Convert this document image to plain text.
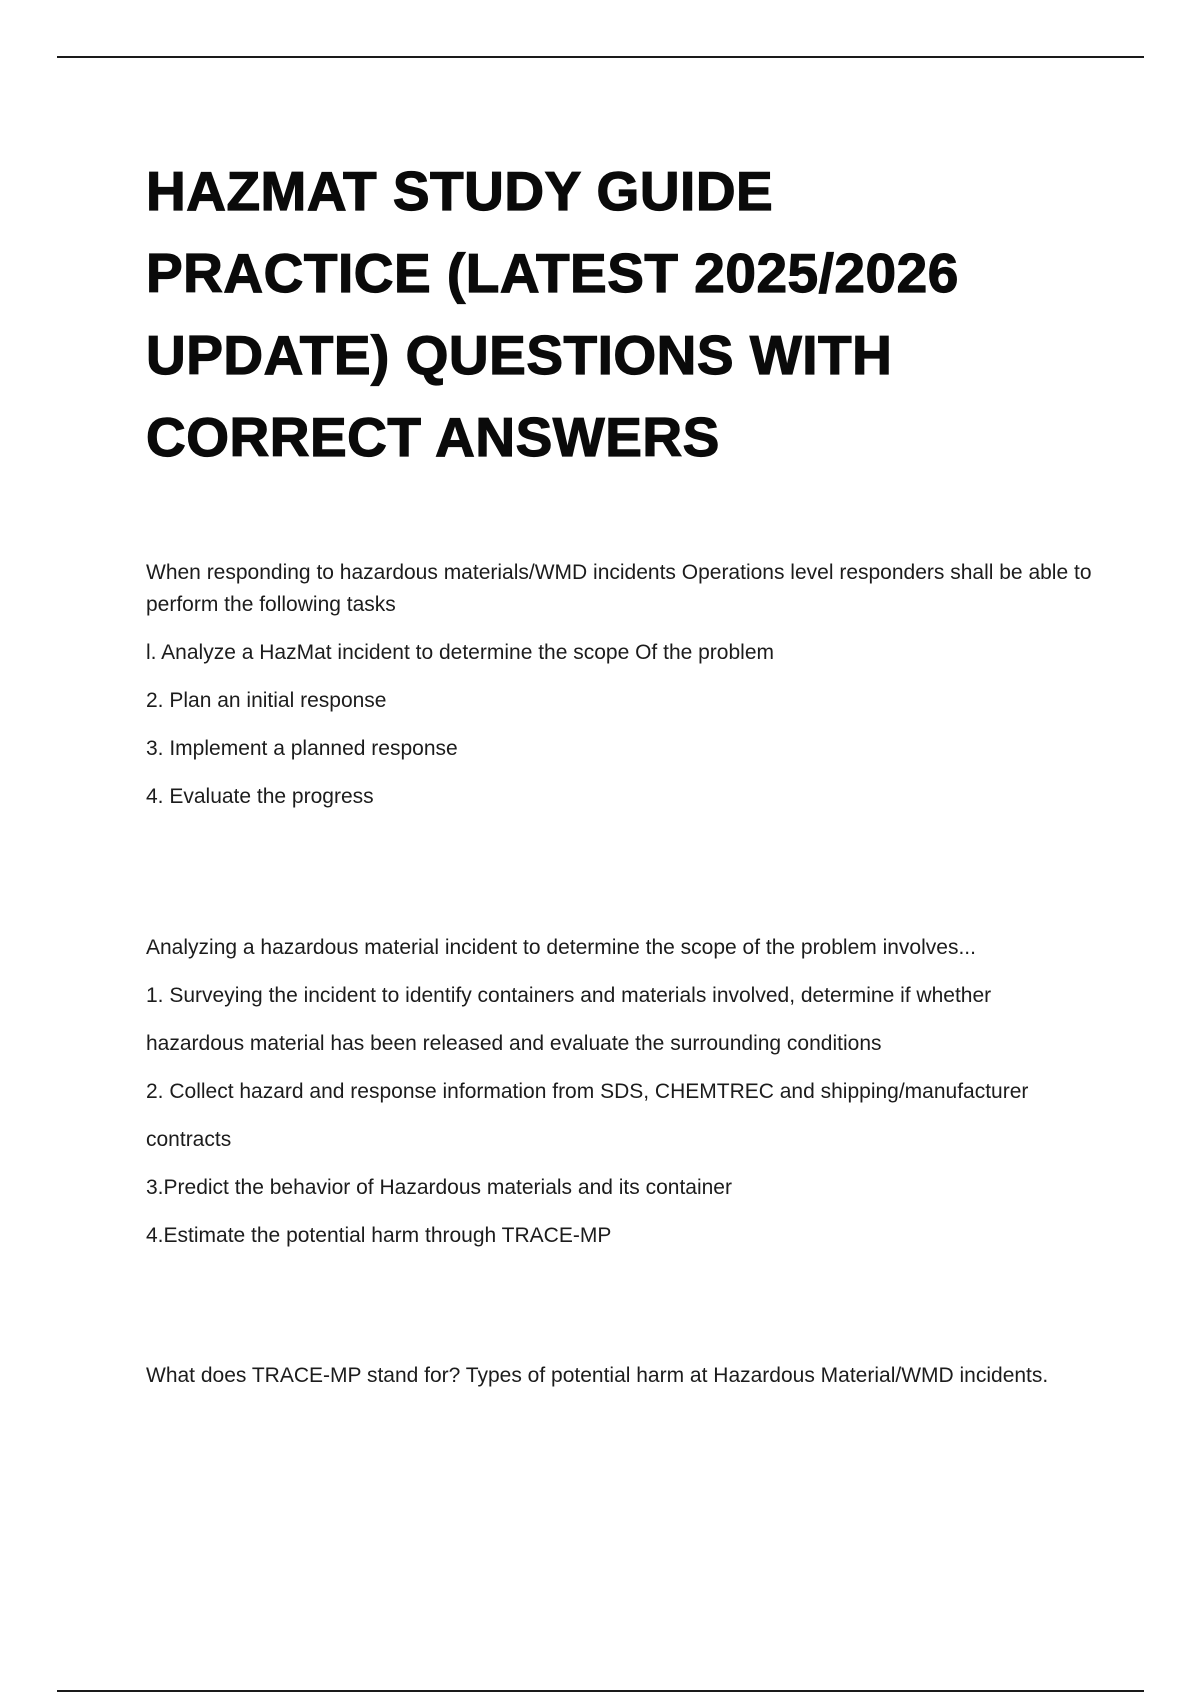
HAZMAT STUDY GUIDE
PRACTICE (LATEST 2025/2026
UPDATE) QUESTIONS WITH
CORRECT ANSWERS

When responding to hazardous materials/WMD incidents Operations level responders shall be able to perform the following tasks

l. Analyze a HazMat incident to determine the scope Of the problem

2. Plan an initial response

3. Implement a planned response

4. Evaluate the progress

Analyzing a hazardous material incident to determine the scope of the problem involves...

1. Surveying the incident to identify containers and materials involved, determine if whether

hazardous material has been released and evaluate the surrounding conditions

2. Collect hazard and response information from SDS, CHEMTREC and shipping/manufacturer

contracts

3.Predict the behavior of Hazardous materials and its container

4.Estimate the potential harm through TRACE-MP

What does TRACE-MP stand for? Types of potential harm at Hazardous Material/WMD incidents.
